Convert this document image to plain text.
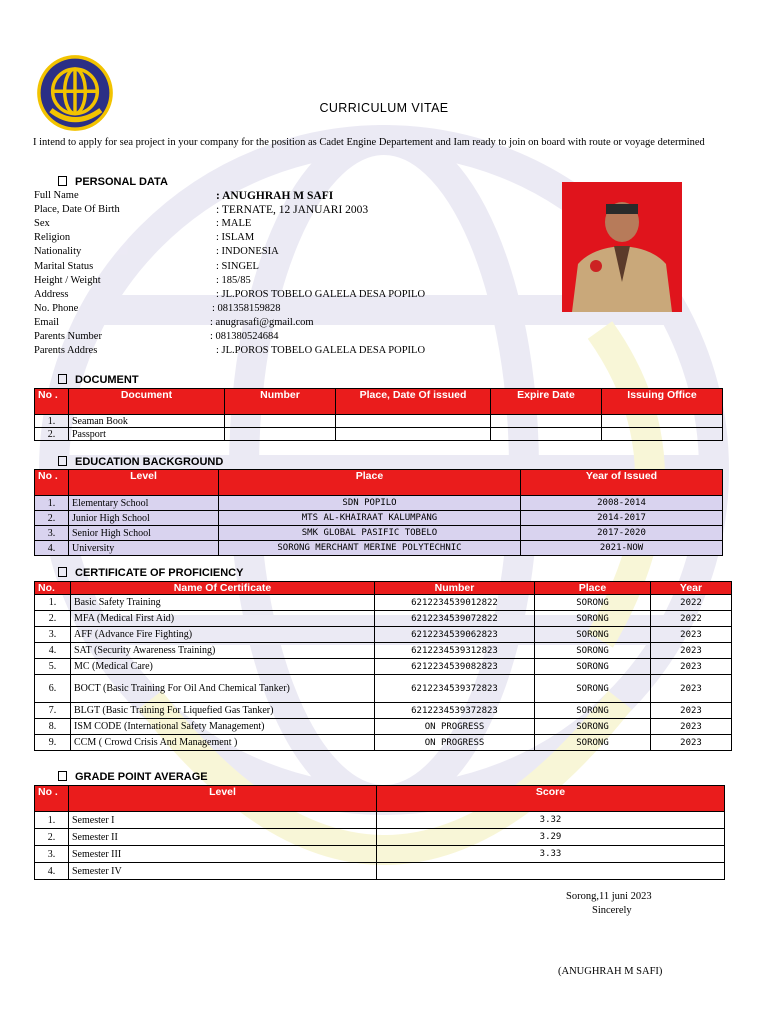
CURRICULUM VITAE
I intend to apply for sea project in your company for the position as Cadet Engine Departement and Iam ready to join on board with route or voyage determined
PERSONAL DATA
Full Name	: ANUGHRAH M SAFI
Place, Date Of Birth	: TERNATE, 12 JANUARI 2003
Sex	: MALE
Religion	: ISLAM
Nationality	: INDONESIA
Marital Status	: SINGEL
Height / Weight	: 185/85
Address	: JL.POROS TOBELO GALELA DESA POPILO
No. Phone	: 081358159828
Email	: anugrasafi@gmail.com
Parents Number	: 081380524684
Parents Addres	: JL.POROS TOBELO GALELA DESA POPILO
DOCUMENT
No .	Document	Number	Place, Date Of issued	Expire Date	Issuing Office
1.	Seaman Book				
2.	Passport				
EDUCATION BACKGROUND
No .	Level	Place	Year of Issued
1.	Elementary School	SDN POPILO	2008-2014
2.	Junior High School	MTS AL-KHAIRAAT KALUMPANG	2014-2017
3.	Senior High School	SMK GLOBAL PASIFIC TOBELO	2017-2020
4.	University	SORONG MERCHANT MERINE POLYTECHNIC	2021-NOW
CERTIFICATE OF PROFICIENCY
No.	Name Of Certificate	Number	Place	Year
1.	Basic Safety Training	6212234539012822	SORONG	2022
2.	MFA (Medical First Aid)	6212234539072822	SORONG	2022
3.	AFF (Advance Fire Fighting)	6212234539062823	SORONG	2023
4.	SAT (Security Awareness Training)	6212234539312823	SORONG	2023
5.	MC (Medical Care)	6212234539082823	SORONG	2023
6.	BOCT (Basic Training For Oil And Chemical Tanker)	6212234539372823	SORONG	2023
7.	BLGT (Basic Training For Liquefied Gas Tanker)	6212234539372823	SORONG	2023
8.	ISM CODE (International Safety Management)	ON PROGRESS	SORONG	2023
9.	CCM ( Crowd Crisis And Management )	ON PROGRESS	SORONG	2023
GRADE POINT AVERAGE
No .	Level	Score
1.	Semester I	3.32
2.	Semester II	3.29
3.	Semester III	3.33
4.	Semester IV	
Sorong,11 juni 2023
Sincerely
(ANUGHRAH M SAFI)
